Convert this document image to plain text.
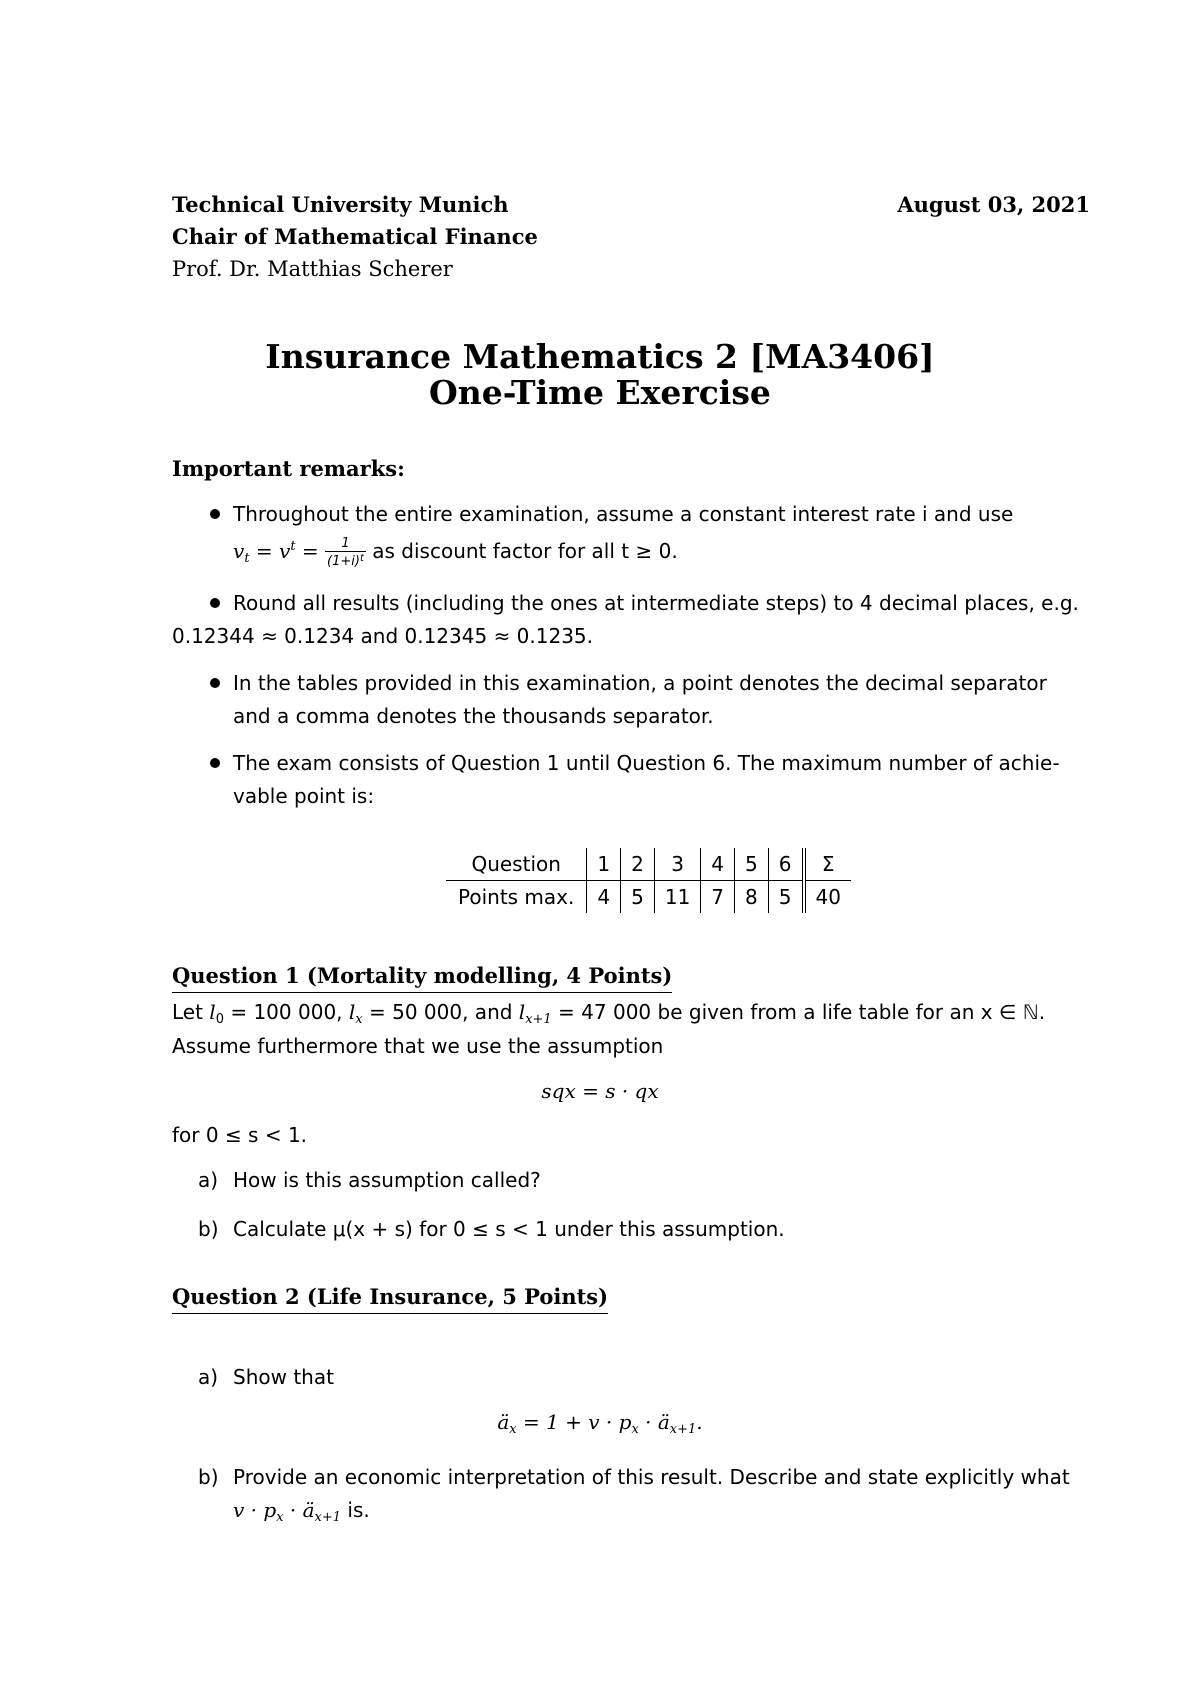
Technical University Munich
Chair of Mathematical Finance
Prof. Dr. Matthias Scherer
August 03, 2021
Insurance Mathematics 2 [MA3406]
One-Time Exercise
Important remarks:
Throughout the entire examination, assume a constant interest rate i and use
$v_t = v^t = \frac{1}{(1+i)^t}$ as discount factor for all t ≥ 0.
Round all results (including the ones at intermediate steps) to 4 decimal places, e.g.
0.12344 ≈ 0.1234 and 0.12345 ≈ 0.1235.
In the tables provided in this examination, a point denotes the decimal separator
and a comma denotes the thousands separator.
The exam consists of Question 1 until Question 6. The maximum number of achie-
vable point is:
Question	1	2	3	4	5	6	Σ
Points max.	4	5	11	7	8	5	40
Question 1 (Mortality modelling, 4 Points)
Let $l_0 = 100$ 000, $l_x = 50$ 000, and $l_{x+1} = 47$ 000 be given from a life table for an x ∈ ℕ.
Assume furthermore that we use the assumption
sqx = s · qx
for 0 ≤ s < 1.
a) How is this assumption called?
b) Calculate μ(x + s) for 0 ≤ s < 1 under this assumption.
Question 2 (Life Insurance, 5 Points)
a) Show that
$ä_x = 1 + v \cdot p_x$ · $ä_{x+1}$.
b) Provide an economic interpretation of this result. Describe and state explicitly what
$v \cdot p_x$ · $ä_{x+1}$ is.
